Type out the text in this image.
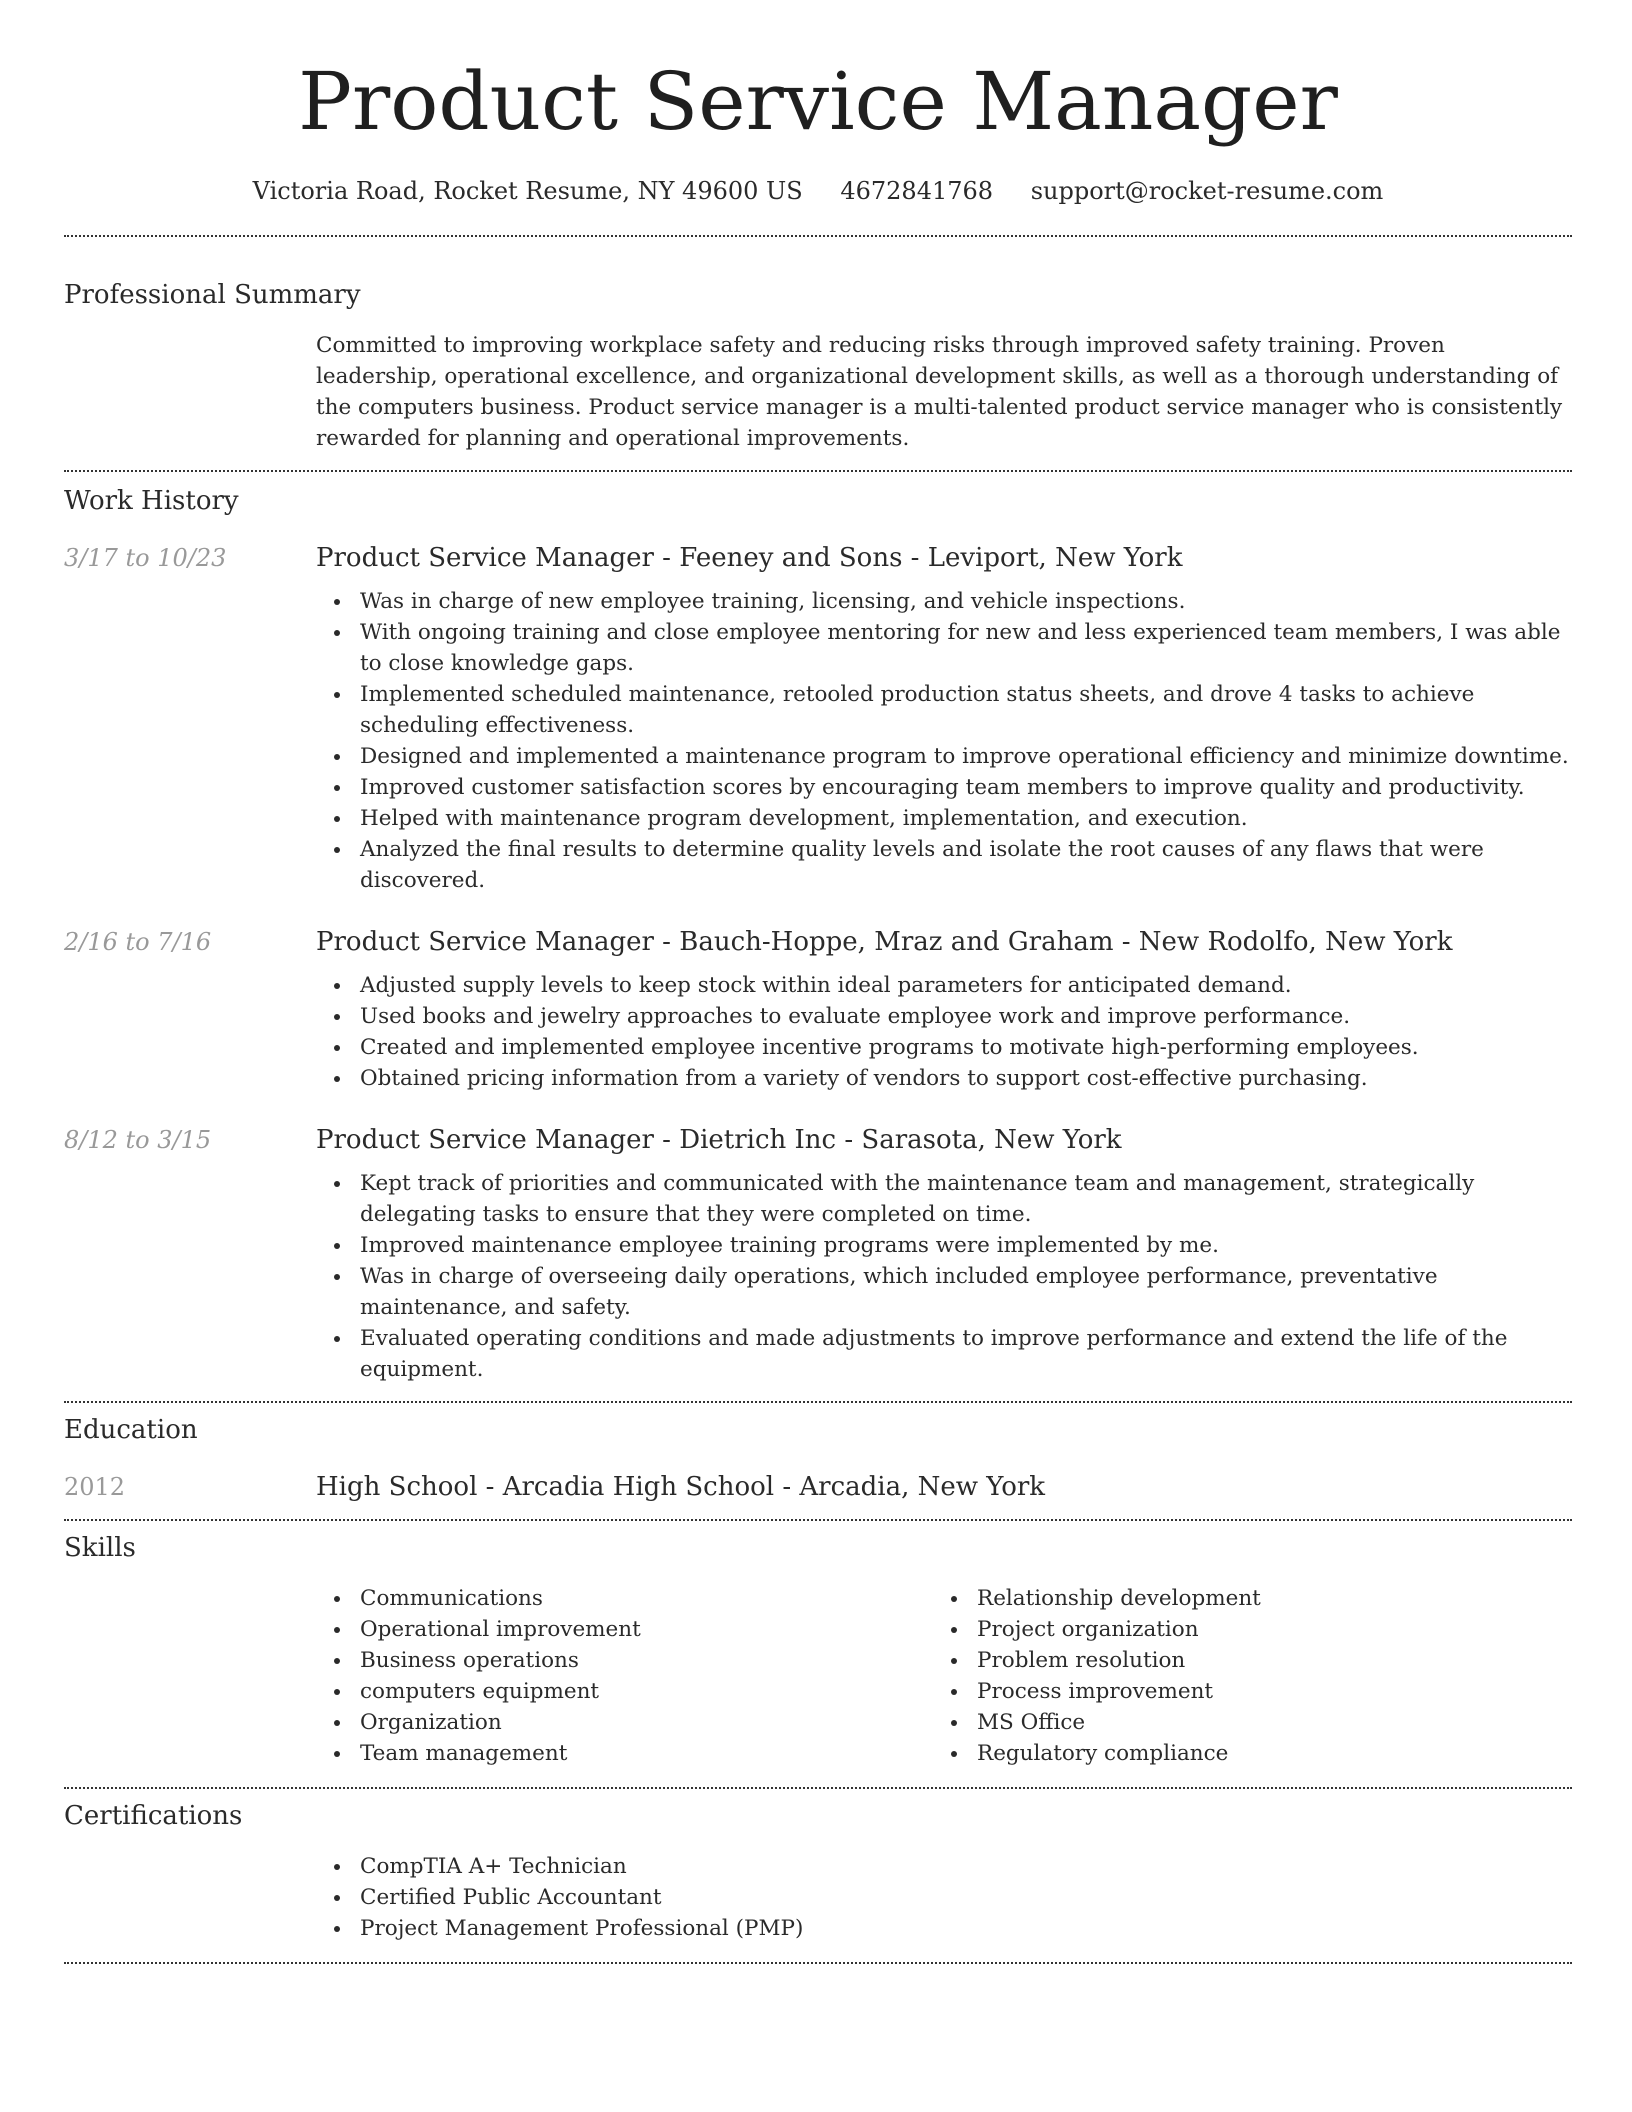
Product Service Manager
Victoria Road, Rocket Resume, NY 49600 US 4672841768 support@rocket-resume.com
Professional Summary
Committed to improving workplace safety and reducing risks through improved safety training. Proven leadership, operational excellence, and organizational development skills, as well as a thorough understanding of the computers business. Product service manager is a multi-talented product service manager who is consistently rewarded for planning and operational improvements.
Work History
3/17 to 10/23	Product Service Manager - Feeney and Sons - Leviport, New York
Was in charge of new employee training, licensing, and vehicle inspections.
With ongoing training and close employee mentoring for new and less experienced team members, I was able to close knowledge gaps.
Implemented scheduled maintenance, retooled production status sheets, and drove 4 tasks to achieve scheduling effectiveness.
Designed and implemented a maintenance program to improve operational efficiency and minimize downtime.
Improved customer satisfaction scores by encouraging team members to improve quality and productivity.
Helped with maintenance program development, implementation, and execution.
Analyzed the final results to determine quality levels and isolate the root causes of any flaws that were discovered.
2/16 to 7/16	Product Service Manager - Bauch-Hoppe, Mraz and Graham - New Rodolfo, New York
Adjusted supply levels to keep stock within ideal parameters for anticipated demand.
Used books and jewelry approaches to evaluate employee work and improve performance.
Created and implemented employee incentive programs to motivate high-performing employees.
Obtained pricing information from a variety of vendors to support cost-effective purchasing.
8/12 to 3/15	Product Service Manager - Dietrich Inc - Sarasota, New York
Kept track of priorities and communicated with the maintenance team and management, strategically delegating tasks to ensure that they were completed on time.
Improved maintenance employee training programs were implemented by me.
Was in charge of overseeing daily operations, which included employee performance, preventative maintenance, and safety.
Evaluated operating conditions and made adjustments to improve performance and extend the life of the equipment.
Education
2012	High School - Arcadia High School - Arcadia, New York
Skills
Communications
Operational improvement
Business operations
computers equipment
Organization
Team management
Relationship development
Project organization
Problem resolution
Process improvement
MS Office
Regulatory compliance
Certifications
CompTIA A+ Technician
Certified Public Accountant
Project Management Professional (PMP)
